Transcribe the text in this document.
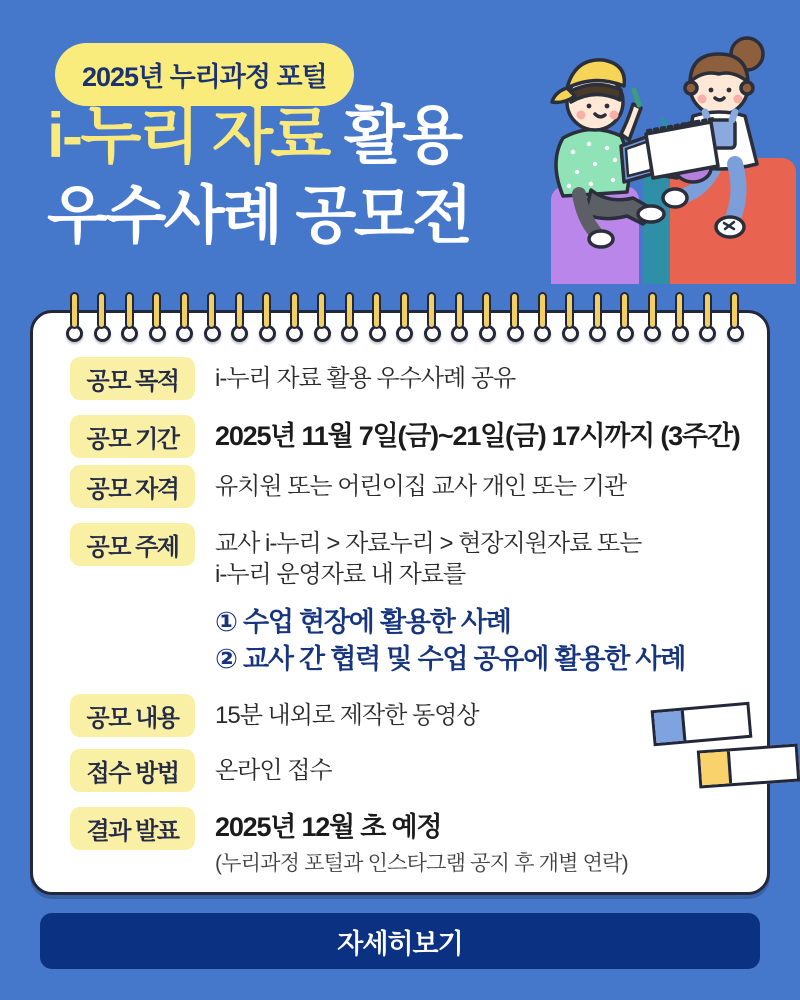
2025년 누리과정 포털
i-누리 자료 활용
우수사례 공모전
공모 목적	i-누리 자료 활용 우수사례 공유
공모 기간	2025년 11월 7일(금)~21일(금) 17시까지 (3주간)
공모 자격	유치원 또는 어린이집 교사 개인 또는 기관
공모 주제	교사 i-누리 > 자료누리 > 현장지원자료 또는
i-누리 운영자료 내 자료를
① 수업 현장에 활용한 사례
② 교사 간 협력 및 수업 공유에 활용한 사례
공모 내용	15분 내외로 제작한 동영상
접수 방법	온라인 접수
결과 발표	2025년 12월 초 예정
(누리과정 포털과 인스타그램 공지 후 개별 연락)
자세히보기
